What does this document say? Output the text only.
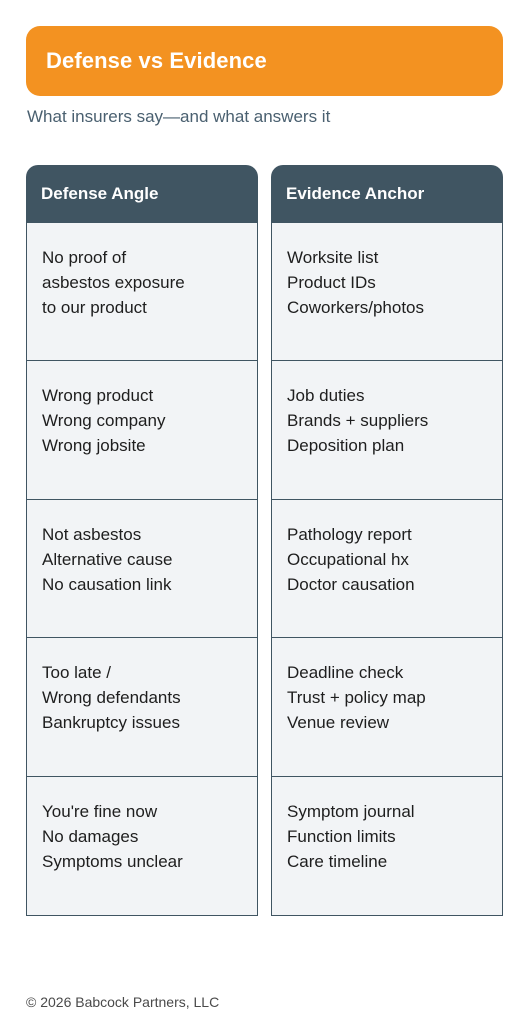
Defense vs Evidence
What insurers say—and what answers it
Defense Angle
No proof of
asbestos exposure
to our product
Wrong product
Wrong company
Wrong jobsite
Not asbestos
Alternative cause
No causation link
Too late /
Wrong defendants
Bankruptcy issues
You're fine now
No damages
Symptoms unclear
Evidence Anchor
Worksite list
Product IDs
Coworkers/photos
Job duties
Brands + suppliers
Deposition plan
Pathology report
Occupational hx
Doctor causation
Deadline check
Trust + policy map
Venue review
Symptom journal
Function limits
Care timeline
© 2026 Babcock Partners, LLC
